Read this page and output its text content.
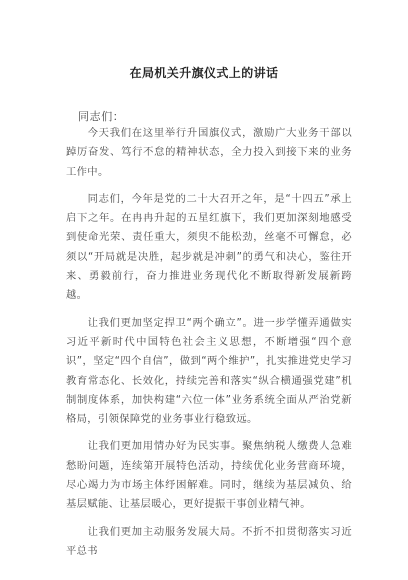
在局机关升旗仪式上的讲话
同志们：

今天我们在这里举行升国旗仪式，激励广大业务干部以踔厉奋发、笃行不怠的精神状态，全力投入到接下来的业务工作中。

同志们，今年是党的二十大召开之年，是“十四五”承上启下之年。在冉冉升起的五星红旗下，我们更加深刻地感受到使命光荣、责任重大，须臾不能松劲，丝毫不可懈怠，必须以“开局就是决胜，起步就是冲刺”的勇气和决心，鉴往开来、勇毅前行，奋力推进业务现代化不断取得新发展新跨越。

让我们更加坚定捍卫“两个确立”。进一步学懂弄通做实习近平新时代中国特色社会主义思想，不断增强“四个意识”，坚定“四个自信”，做到“两个维护”，扎实推进党史学习教育常态化、长效化，持续完善和落实“纵合横通强党建”机制制度体系，加快构建“六位一体”业务系统全面从严治党新格局，引领保障党的业务事业行稳致远。

让我们更加用情办好为民实事。聚焦纳税人缴费人急难愁盼问题，连续第开展特色活动，持续优化业务营商环境，尽心竭力为市场主体纾困解难。同时，继续为基层减负、给基层赋能、让基层暖心，更好提振干事创业精气神。

让我们更加主动服务发展大局。不折不扣贯彻落实习近平总书
